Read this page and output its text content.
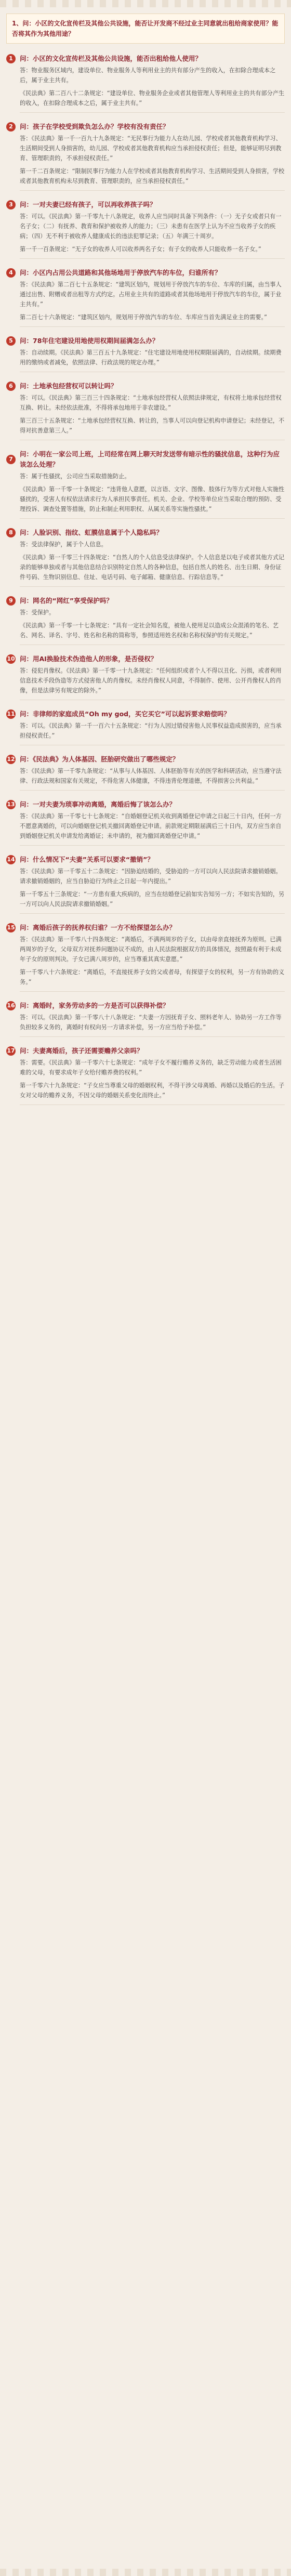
1、问：小区的文化宣传栏及其他公共设施，能否让开发商不经过业主同意就出租给商家使用？能否将其作为其他用途？
1	问：小区的文化宣传栏及其他公共设施，能否出租给他人使用？

答：物业服务区域内，建设单位、物业服务人等利用业主的共有部分产生的收入，在扣除合理成本之后，属于业主共有。

《民法典》第二百八十二条规定：“建设单位、物业服务企业或者其他管理人等利用业主的共有部分产生的收入，在扣除合理成本之后，属于业主共有。”

2	问：孩子在学校受到欺负怎么办？学校有没有责任？

答：《民法典》第一千一百九十九条规定：“无民事行为能力人在幼儿园、学校或者其他教育机构学习、生活期间受到人身损害的，幼儿园、学校或者其他教育机构应当承担侵权责任；但是，能够证明尽到教育、管理职责的，不承担侵权责任。”

第一千二百条规定：“限制民事行为能力人在学校或者其他教育机构学习、生活期间受到人身损害，学校或者其他教育机构未尽到教育、管理职责的，应当承担侵权责任。”

3	问：一对夫妻已经有孩子，可以再收养孩子吗？

答：可以。《民法典》第一千零九十八条规定，收养人应当同时具备下列条件：（一）无子女或者只有一名子女；（二）有抚养、教育和保护被收养人的能力；（三）未患有在医学上认为不应当收养子女的疾病；（四）无不利于被收养人健康成长的违法犯罪记录；（五）年满三十周岁。

第一千一百条规定：“无子女的收养人可以收养两名子女；有子女的收养人只能收养一名子女。”

4	问：小区内占用公共道路和其他场地用于停放汽车的车位，归谁所有？

答：《民法典》第二百七十五条规定：“建筑区划内，规划用于停放汽车的车位、车库的归属，由当事人通过出售、附赠或者出租等方式约定。占用业主共有的道路或者其他场地用于停放汽车的车位，属于业主共有。”

第二百七十六条规定：“建筑区划内，规划用于停放汽车的车位、车库应当首先满足业主的需要。”

5	问：78年住宅建设用地使用权期间届满怎么办？

答：自动续期。《民法典》第三百五十九条规定：“住宅建设用地使用权期限届满的，自动续期。续期费用的缴纳或者减免，依照法律、行政法规的规定办理。”

6	问：土地承包经营权可以转让吗？

答：可以。《民法典》第三百三十四条规定：“土地承包经营权人依照法律规定，有权将土地承包经营权互换、转让。未经依法批准，不得将承包地用于非农建设。”

第三百三十五条规定：“土地承包经营权互换、转让的，当事人可以向登记机构申请登记；未经登记，不得对抗善意第三人。”

7
问：小明在一家公司上班，上司经常在网上聊天时发送带有暗示性的骚扰信息，这种行为应该怎么处理？

答：属于性骚扰，公司应当采取措施防止。

《民法典》第一千零一十条规定：“违背他人意愿，以言语、文字、图像、肢体行为等方式对他人实施性骚扰的，受害人有权依法请求行为人承担民事责任。机关、企业、学校等单位应当采取合理的预防、受理投诉、调查处置等措施，防止和制止利用职权、从属关系等实施性骚扰。”

8	问：人脸识别、指纹、虹膜信息属于个人隐私吗？

答：受法律保护，属于个人信息。

《民法典》第一千零三十四条规定：“自然人的个人信息受法律保护。个人信息是以电子或者其他方式记录的能够单独或者与其他信息结合识别特定自然人的各种信息，包括自然人的姓名、出生日期、身份证件号码、生物识别信息、住址、电话号码、电子邮箱、健康信息、行踪信息等。”

9	问：网名的“网红”享受保护吗？

答：受保护。

《民法典》第一千零一十七条规定：“具有一定社会知名度，被他人使用足以造成公众混淆的笔名、艺名、网名、译名、字号、姓名和名称的简称等，参照适用姓名权和名称权保护的有关规定。”

10 问：用AI换脸技术伪造他人的形象，是否侵权？

答：侵犯肖像权。《民法典》第一千零一十九条规定：“任何组织或者个人不得以丑化、污损，或者利用信息技术手段伪造等方式侵害他人的肖像权。未经肖像权人同意，不得制作、使用、公开肖像权人的肖像，但是法律另有规定的除外。”

11 问：非律师的家庭成员“Oh my god，买它买它”可以起诉要求赔偿吗？

答：可以。《民法典》第一千一百六十五条规定：“行为人因过错侵害他人民事权益造成损害的，应当承担侵权责任。”

12 问：《民法典》为人体基因、胚胎研究做出了哪些规定？

答：《民法典》第一千零九条规定：“从事与人体基因、人体胚胎等有关的医学和科研活动，应当遵守法律、行政法规和国家有关规定，不得危害人体健康，不得违背伦理道德，不得损害公共利益。”

13 问：一对夫妻为琐事冲动离婚，离婚后悔了该怎么办？

答：《民法典》第一千零七十七条规定：“自婚姻登记机关收到离婚登记申请之日起三十日内，任何一方不愿意离婚的，可以向婚姻登记机关撤回离婚登记申请。前款规定期限届满后三十日内，双方应当亲自到婚姻登记机关申请发给离婚证；未申请的，视为撤回离婚登记申请。”

14 问：什么情况下“夫妻”关系可以要求“撤销”？

答：《民法典》第一千零五十二条规定：“因胁迫结婚的，受胁迫的一方可以向人民法院请求撤销婚姻。请求撤销婚姻的，应当自胁迫行为终止之日起一年内提出。”

第一千零五十三条规定：“一方患有重大疾病的，应当在结婚登记前如实告知另一方；不如实告知的，另一方可以向人民法院请求撤销婚姻。”

15 问：离婚后孩子的抚养权归谁？一方不给探望怎么办？

答：《民法典》第一千零八十四条规定：“离婚后，不满两周岁的子女，以由母亲直接抚养为原则。已满两周岁的子女，父母双方对抚养问题协议不成的，由人民法院根据双方的具体情况，按照最有利于未成年子女的原则判决。子女已满八周岁的，应当尊重其真实意愿。”

第一千零八十六条规定：“离婚后，不直接抚养子女的父或者母，有探望子女的权利，另一方有协助的义务。”

16 问：离婚时，家务劳动多的一方是否可以获得补偿？

答：可以。《民法典》第一千零八十八条规定：“夫妻一方因抚育子女、照料老年人、协助另一方工作等负担较多义务的，离婚时有权向另一方请求补偿，另一方应当给予补偿。”

17 问：夫妻离婚后，孩子还需要赡养父亲吗？

答：需要。《民法典》第一千零六十七条规定：“成年子女不履行赡养义务的，缺乏劳动能力或者生活困难的父母，有要求成年子女给付赡养费的权利。”

第一千零六十九条规定：“子女应当尊重父母的婚姻权利，不得干涉父母离婚、再婚以及婚后的生活。子女对父母的赡养义务，不因父母的婚姻关系变化而终止。”
